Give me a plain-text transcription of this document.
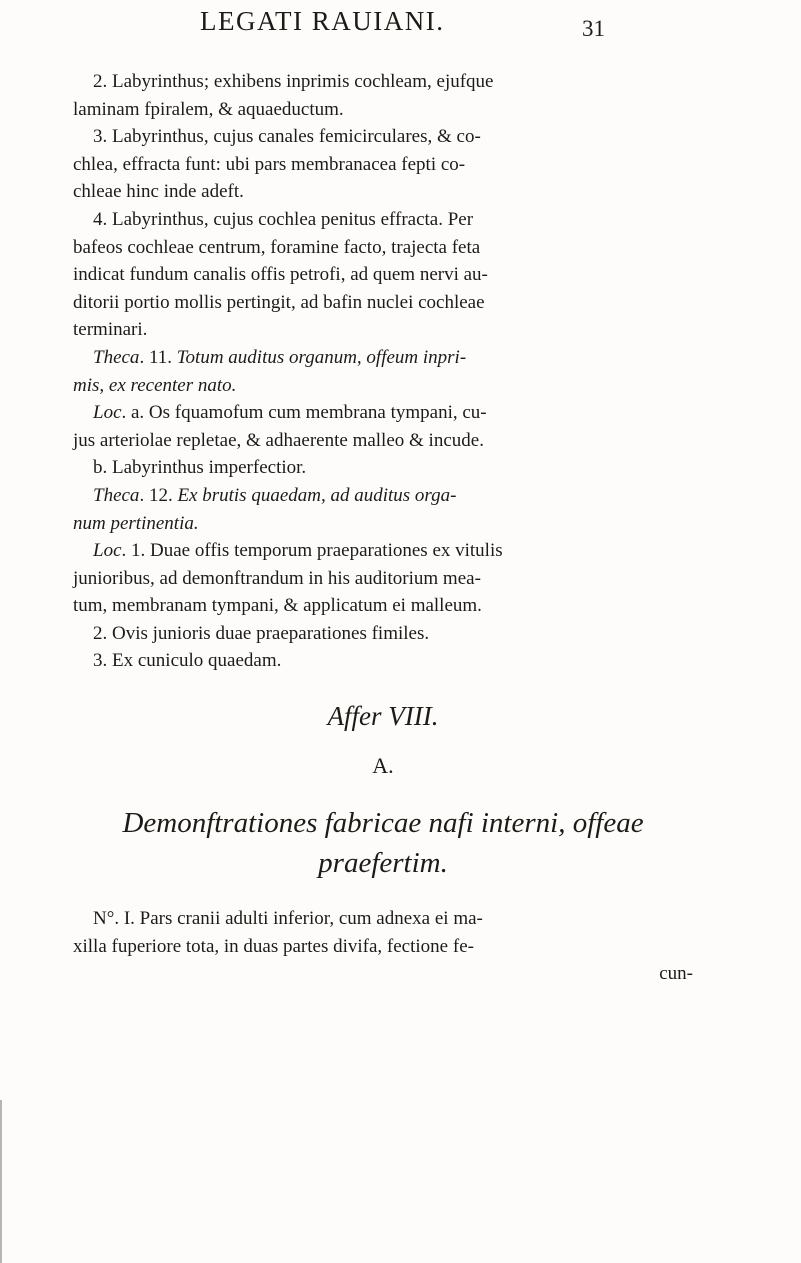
LEGATI RAUIANI.	31
2. Labyrinthus; exhibens inprimis cochleam, ejufque
laminam fpiralem, & aquaeductum.
3. Labyrinthus, cujus canales femicirculares, & co-
chlea, effracta funt: ubi pars membranacea fepti co-
chleae hinc inde adeft.
4. Labyrinthus, cujus cochlea penitus effracta. Per
bafeos cochleae centrum, foramine facto, trajecta feta
indicat fundum canalis offis petrofi, ad quem nervi au-
ditorii portio mollis pertingit, ad bafin nuclei cochleae
terminari.
Theca. 11. Totum auditus organum, offeum inpri-
mis, ex recenter nato.
Loc. a. Os fquamofum cum membrana tympani, cu-
jus arteriolae repletae, & adhaerente malleo & incude.
b. Labyrinthus imperfectior.
Theca. 12. Ex brutis quaedam, ad auditus orga-
num pertinentia.
Loc. 1. Duae offis temporum praeparationes ex vitulis
junioribus, ad demonftrandum in his auditorium mea-
tum, membranam tympani, & applicatum ei malleum.
2. Ovis junioris duae praeparationes fimiles.
3. Ex cuniculo quaedam.
Affer VIII.
A.
Demonftrationes fabricae nafi interni, offeae
praefertim.
N°. I. Pars cranii adulti inferior, cum adnexa ei ma-
xilla fuperiore tota, in duas partes divifa, fectione fe-
cun-
